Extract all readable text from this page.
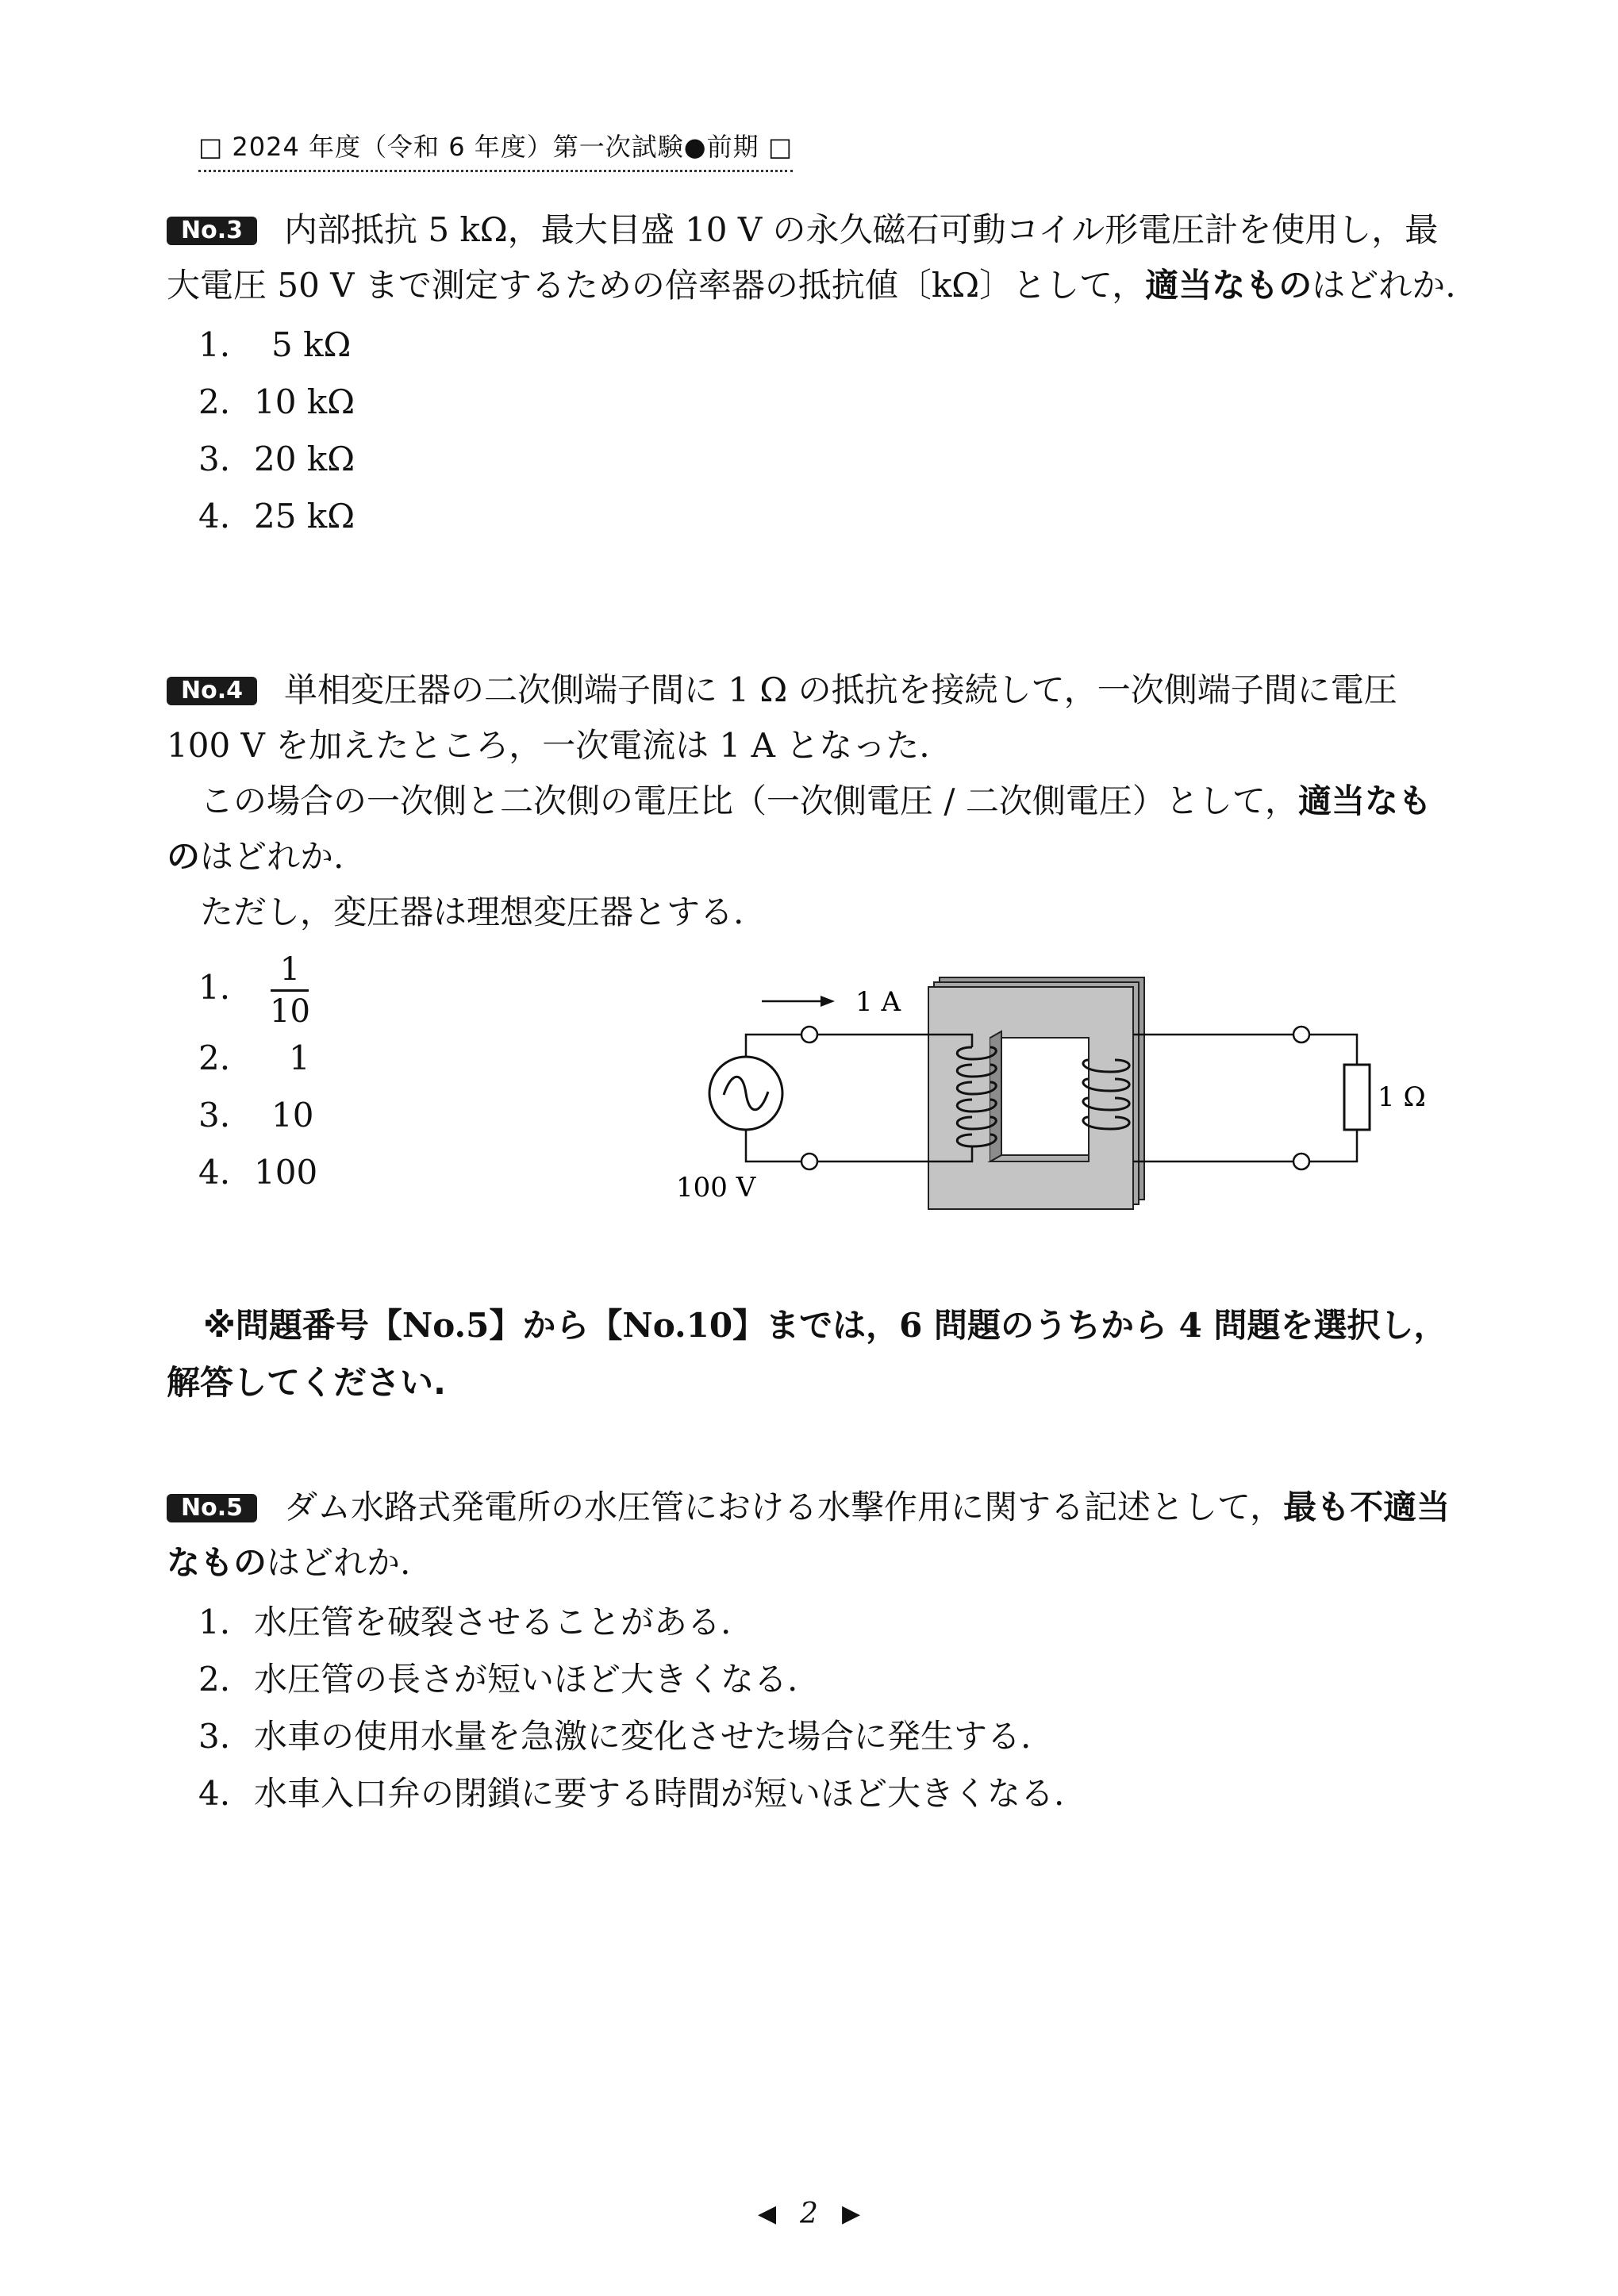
□ 2024 年度（令和 6 年度）第一次試験●前期 □
No.3 内部抵抗 5 kΩ，最大目盛 10 V の永久磁石可動コイル形電圧計を使用し，最大電圧 50 V まで測定するための倍率器の抵抗値〔kΩ〕として，適当なものはどれか.
1. 5 kΩ
2. 10 kΩ
3. 20 kΩ
4. 25 kΩ
No.4 単相変圧器の二次側端子間に 1 Ω の抵抗を接続して，一次側端子間に電圧 100 V を加えたところ，一次電流は 1 A となった.
この場合の一次側と二次側の電圧比（一次側電圧 / 二次側電圧）として，適当なものはどれか.
ただし，変圧器は理想変圧器とする.
1. $\frac{1}{10}$
2. 1
3. 10
4. 100
1 A
100 V
1 Ω
※問題番号【No.5】から【No.10】までは，6 問題のうちから 4 問題を選択し，
解答してください.
No.5 ダム水路式発電所の水圧管における水撃作用に関する記述として，最も不適当なものはどれか.
1. 水圧管を破裂させることがある.
2. 水圧管の長さが短いほど大きくなる.
3. 水車の使用水量を急激に変化させた場合に発生する.
4. 水車入口弁の閉鎖に要する時間が短いほど大きくなる.
◀ 2 ▶
